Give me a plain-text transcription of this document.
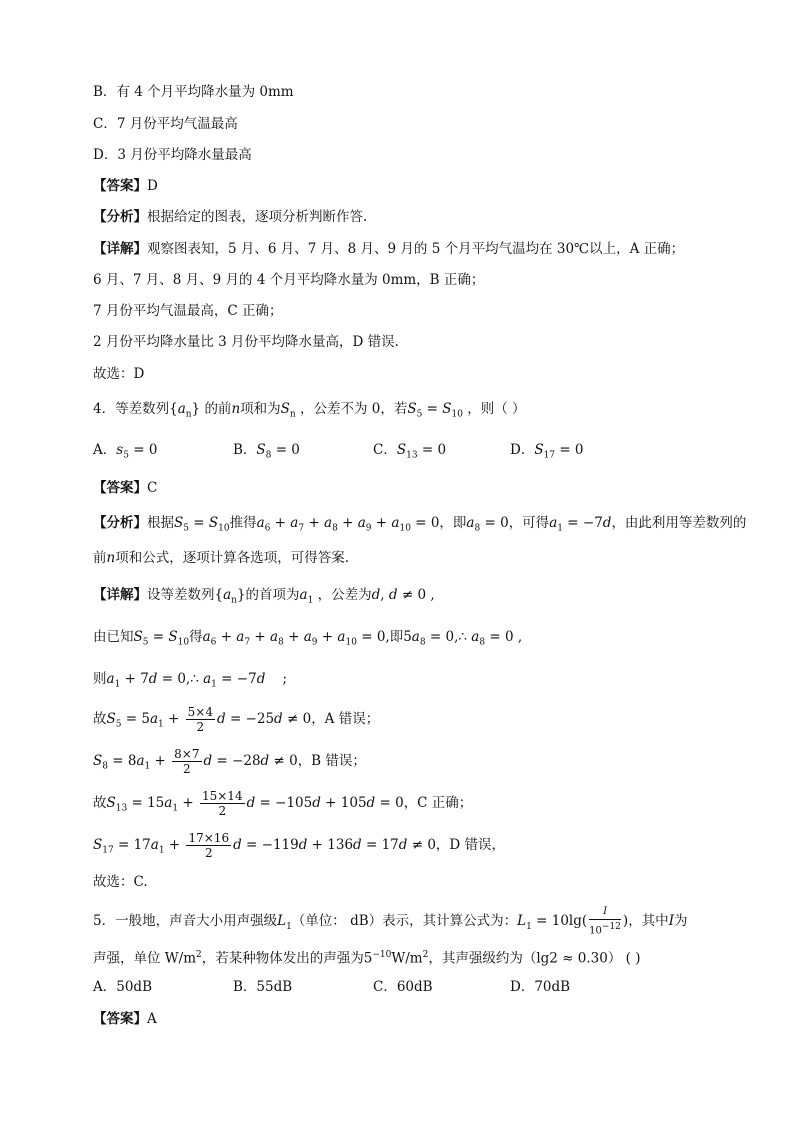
B．有 4 个月平均降水量为 0mm
C．7 月份平均气温最高
D．3 月份平均降水量最高
【答案】D
【分析】根据给定的图表，逐项分析判断作答.
【详解】观察图表知，5 月、6 月、7 月、8 月、9 月的 5 个月平均气温均在 30℃以上，A 正确；
6 月、7 月、8 月、9 月的 4 个月平均降水量为 0mm，B 正确；
7 月份平均气温最高，C 正确；
2 月份平均降水量比 3 月份平均降水量高，D 错误.
故选：D
4．等差数列$\{a_n\}$ 的前n项和为$S_n$ ，公差不为 0，若$S_5 = S_{10}$ ，则（ ）
A．$s_5 = 0$	B．$S_8 = 0$	C．$S_{13} = 0$	D．$S_{17} = 0$
【答案】C
【分析】根据$S_5 = S_{10}$推得$a_6 + a_7 + a_8 + a_9 + a_{10} = 0$，即$a_8 = 0$，可得$a_1 = -7d$，由此利用等差数列的
前n项和公式，逐项计算各选项，可得答案.
【详解】设等差数列$\{a_n\}$的首项为$a_1$ ，公差为d, d ≠ 0 ,
由已知$S_5 = S_{10}$得$a_6 + a_7 + a_8 + a_9 + a_{10} = 0$,即$5a_8$ = 0,∴ $a_8 = 0$ ,
则$a_1 + 7d$ = 0,∴ $a_1 = -7d$    ;
故$S_5 = 5a_1 + \frac{5\times 4}{2}$ d = −25d ≠ 0，A 错误；
$S_8 = 8a_1 + \frac{8\times 7}{2}$ d = −28d ≠ 0，B 错误；
故$S_{13} = 15a_1 + \frac{15\times 14}{2}$ d = −105d + 105d = 0，C 正确；
$S_{17} = 17a_1 + \frac{17\times 16}{2}$ d = −119d + 136d = 17d ≠ 0，D 错误，
故选：C.
5．一般地，声音大小用声强级$L_1$（单位： dB）表示，其计算公式为：$L_1 = 10\lg( \frac{I}{10^{-12}}$ )，其中I为
声强，单位 $W/m^2$，若某种物体发出的声强为$5^{-10}W/m^2$，其声强级约为（lg2 ≈ 0.30） ( )
A．50dB	B．55dB	C．60dB	D．70dB
【答案】A
